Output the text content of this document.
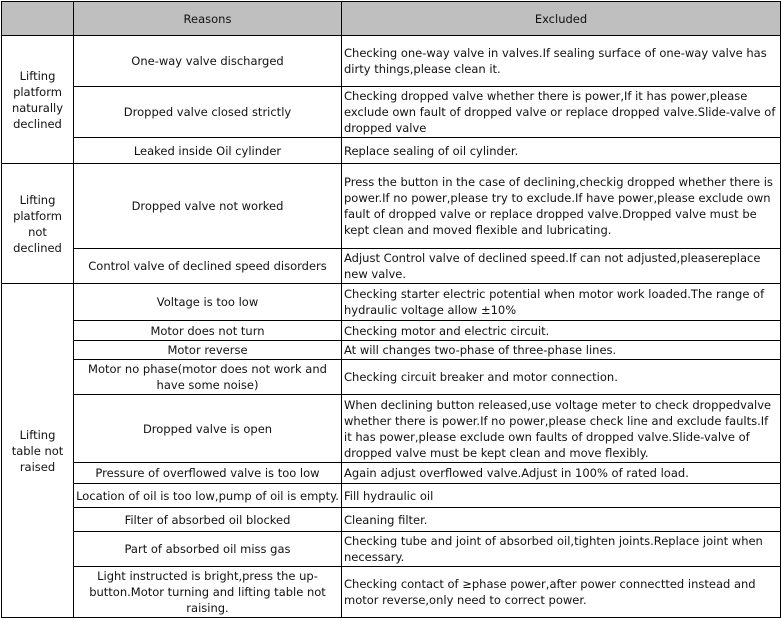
	Reasons	Excluded
Lifting platform naturally declined	One-way valve discharged	Checking one-way valve in valves.If sealing surface of one-way valve has dirty things,please clean it.
	Dropped valve closed strictly	Checking dropped valve whether there is power,If it has power,please exclude own fault of dropped valve or replace dropped valve.Slide-valve of dropped valve
	Leaked inside Oil cylinder	Replace sealing of oil cylinder.
Lifting platform not declined	Dropped valve not worked	Press the button in the case of declining,checkig dropped whether there is power.If no power,please try to exclude.If have power,please exclude own fault of dropped valve or replace dropped valve.Dropped valve must be kept clean and moved flexible and lubricating.
	Control valve of declined speed disorders	Adjust Control valve of declined speed.If can not adjusted,pleasereplace new valve.
Lifting table not raised	Voltage is too low	Checking starter electric potential when motor work loaded.The range of hydraulic voltage allow ±10%
	Motor does not turn	Checking motor and electric circuit.
	Motor reverse	At will changes two-phase of three-phase lines.
	Motor no phase(motor does not work and have some noise)	Checking circuit breaker and motor connection.
	Dropped valve is open	When declining button released,use voltage meter to check droppedvalve whether there is power.If no power,please check line and exclude faults.If it has power,please exclude own faults of dropped valve.Slide-valve of dropped valve must be kept clean and move flexibly.
	Pressure of overflowed valve is too low	Again adjust overflowed valve.Adjust in 100% of rated load.
	Location of oil is too low,pump of oil is empty.	Fill hydraulic oil
	Filter of absorbed oil blocked	Cleaning filter.
	Part of absorbed oil miss gas	Checking tube and joint of absorbed oil,tighten joints.Replace joint when necessary.
	Light instructed is bright,press the up-button.Motor turning and lifting table not raising.	Checking contact of ≥phase power,after power connectted instead and motor reverse,only need to correct power.
